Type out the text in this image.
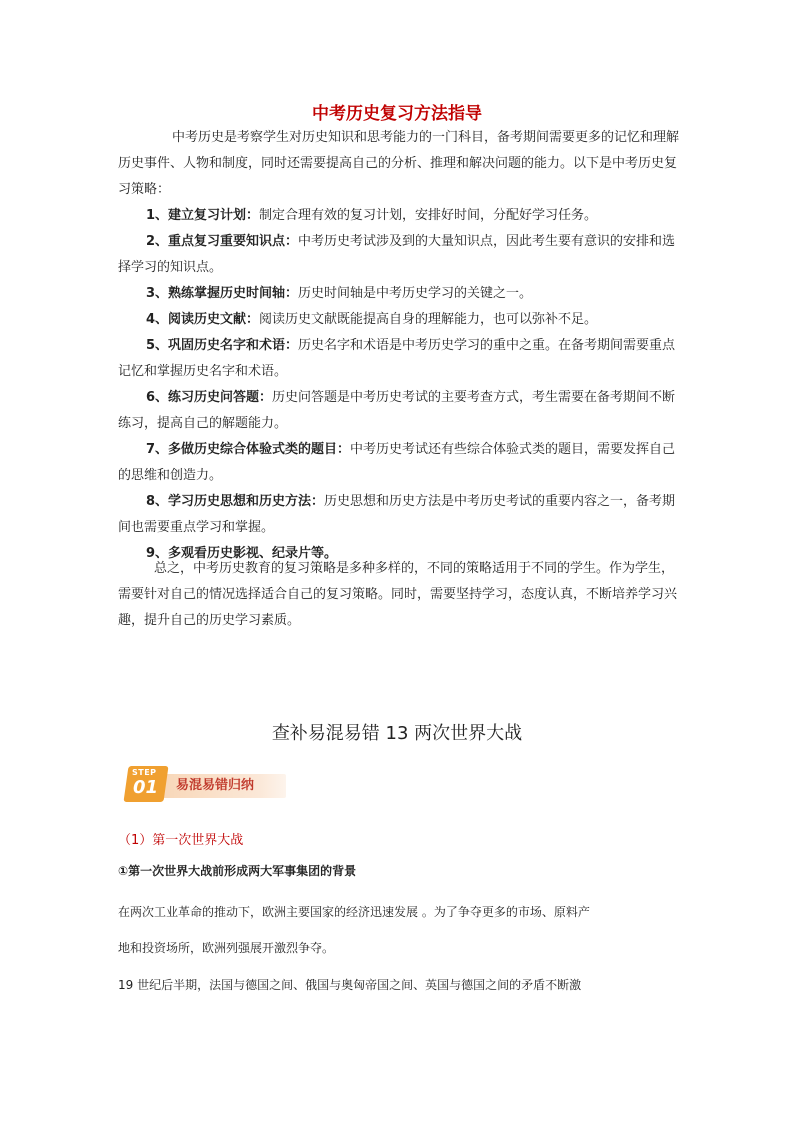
中考历史复习方法指导

中考历史是考察学生对历史知识和思考能力的一门科目，备考期间需要更多的记忆和理解历史事件、人物和制度，同时还需要提高自己的分析、推理和解决问题的能力。以下是中考历史复习策略：

1、建立复习计划：制定合理有效的复习计划，安排好时间，分配好学习任务。

2、重点复习重要知识点：中考历史考试涉及到的大量知识点，因此考生要有意识的安排和选择学习的知识点。

3、熟练掌握历史时间轴：历史时间轴是中考历史学习的关键之一。

4、阅读历史文献：阅读历史文献既能提高自身的理解能力，也可以弥补不足。

5、巩固历史名字和术语：历史名字和术语是中考历史学习的重中之重。在备考期间需要重点记忆和掌握历史名字和术语。

6、练习历史问答题：历史问答题是中考历史考试的主要考查方式，考生需要在备考期间不断练习，提高自己的解题能力。

7、多做历史综合体验式类的题目：中考历史考试还有些综合体验式类的题目，需要发挥自己的思维和创造力。

8、学习历史思想和历史方法：历史思想和历史方法是中考历史考试的重要内容之一，备考期间也需要重点学习和掌握。

9、多观看历史影视、纪录片等。

总之，中考历史教育的复习策略是多种多样的，不同的策略适用于不同的学生。作为学生，需要针对自己的情况选择适合自己的复习策略。同时，需要坚持学习，态度认真，不断培养学习兴趣，提升自己的历史学习素质。

查补易混易错 13 两次世界大战
易混易错归纳
STEP
01
（1）第一次世界大战
①第一次世界大战前形成两大军事集团的背景
在两次工业革命的推动下，欧洲主要国家的经济迅速发展 。为了争夺更多的市场、原料产
地和投资场所，欧洲列强展开激烈争夺。
19 世纪后半期，法国与德国之间、俄国与奥匈帝国之间、英国与德国之间的矛盾不断激
